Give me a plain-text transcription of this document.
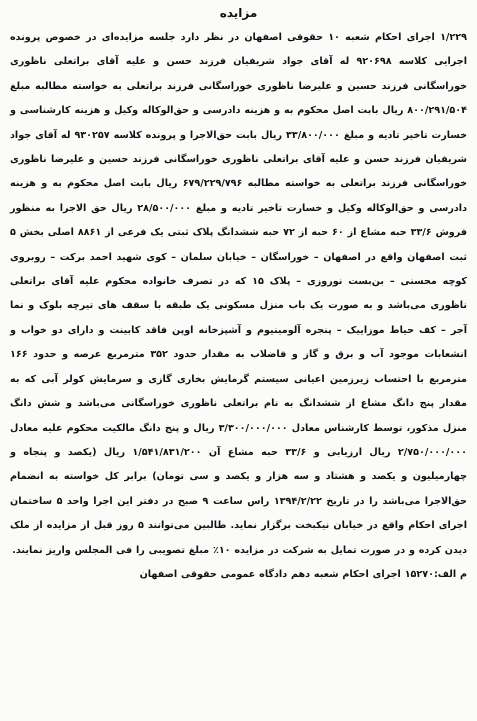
مزایده

۱/۲۲۹ اجرای احکام شعبه ۱۰ حقوقی اصفهان در نظر دارد جلسه مزایده‌ای در خصوص پرونده اجرایی کلاسه ۹۲۰۶۹۸ له آقای جواد شریفیان فرزند حسن و علیه آقای براتعلی ناظوری خوراسگانی فرزند حسین و علیرضا ناظوری خوراسگانی فرزند براتعلی به خواسته مطالبه مبلغ ۸۰۰/۲۹۱/۵۰۴ ریال بابت اصل محکوم به و هزینه دادرسی و حق‌الوکاله وکیل و هزینه کارشناسی و خسارت تاخیر تادیه و مبلغ ۳۳/۸۰۰/۰۰۰ ریال بابت حق‌الاجرا و پرونده کلاسه ۹۳۰۲۵۷ له آقای جواد شریفیان فرزند حسن و علیه آقای براتعلی ناظوری خوراسگانی فرزند حسین و علیرضا ناظوری خوراسگانی فرزند براتعلی به خواسته مطالبه ۶۷۹/۲۲۹/۷۹۶ ریال بابت اصل محکوم به و هزینه دادرسی و حق‌الوکاله وکیل و خسارت تاخیر تادیه و مبلغ ۲۸/۵۰۰/۰۰۰ ریال حق الاجرا به منظور فروش ۳۳/۶ حبه مشاع از ۶۰ حبه از ۷۲ حبه ششدانگ پلاک ثبتی یک فرعی از ۸۸۶۱ اصلی بخش ۵ ثبت اصفهان واقع در اصفهان – خوراسگان – خیابان سلمان – کوی شهید احمد برکت – روبروی کوچه محسنی – بن‌بست نوروزی – پلاک ۱۵ که در تصرف خانواده محکوم علیه آقای براتعلی ناظوری می‌باشد و به صورت یک باب منزل مسکونی یک طبقه با سقف های تیرچه بلوک و نما آجر – کف حیاط موزاییک – پنجره آلومینیوم و آشپزخانه اوپن فاقد کابینت و دارای دو خواب و انشعابات موجود آب و برق و گاز و فاضلاب به مقدار حدود ۳۵۲ مترمربع عرصه و حدود ۱۶۶ مترمربع با احتساب زیرزمین اعیانی سیستم گرمایش بخاری گازی و سرمایش کولر آبی که به مقدار پنج دانگ مشاع از ششدانگ به نام براتعلی ناظوری خوراسگانی می‌باشد و شش دانگ منزل مذکور، توسط کارشناس معادل ۳/۳۰۰/۰۰۰/۰۰۰ ریال و پنج دانگ مالکیت محکوم علیه معادل ۲/۷۵۰/۰۰۰/۰۰۰ ریال ارزیابی و ۳۳/۶ حبه مشاع آن ۱/۵۴۱/۸۳۱/۲۰۰ ریال (یکصد و پنجاه و چهارمیلیون و یکصد و هشتاد و سه هزار و یکصد و سی تومان) برابر کل خواسته به انضمام حق‌الاجرا می‌باشد را در تاریخ ۱۳۹۴/۲/۲۲ راس ساعت ۹ صبح در دفتر این اجرا واحد ۵ ساختمان اجرای احکام واقع در خیابان نیکبخت برگزار نماید. طالبین می‌توانند ۵ روز قبل از مزایده از ملک دیدن کرده و در صورت تمایل به شرکت در مزایده ۱۰٪ مبلغ تصویبی را فی المجلس واریز نمایند.

م الف:۱۵۲۷۰ اجرای احکام شعبه دهم دادگاه عمومی حقوقی اصفهان
